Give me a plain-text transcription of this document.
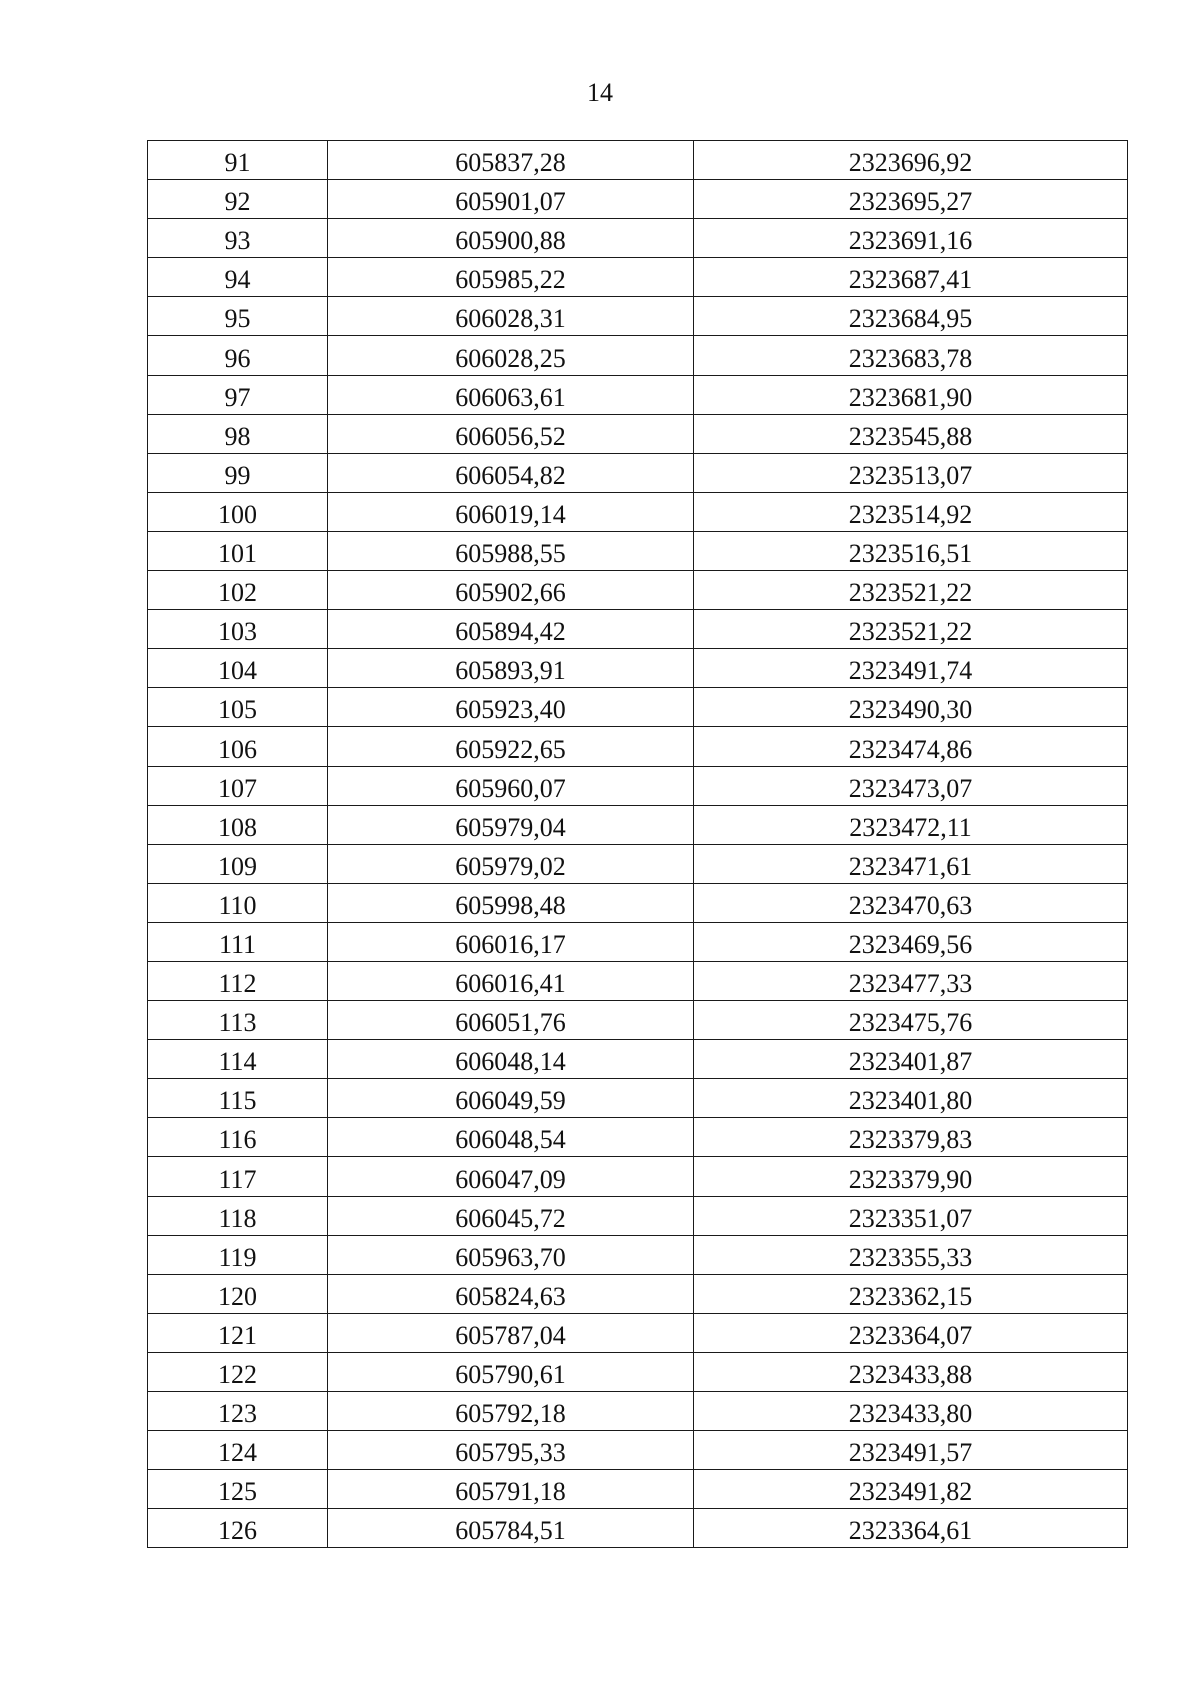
14
91	605837,28	2323696,92
92	605901,07	2323695,27
93	605900,88	2323691,16
94	605985,22	2323687,41
95	606028,31	2323684,95
96	606028,25	2323683,78
97	606063,61	2323681,90
98	606056,52	2323545,88
99	606054,82	2323513,07
100	606019,14	2323514,92
101	605988,55	2323516,51
102	605902,66	2323521,22
103	605894,42	2323521,22
104	605893,91	2323491,74
105	605923,40	2323490,30
106	605922,65	2323474,86
107	605960,07	2323473,07
108	605979,04	2323472,11
109	605979,02	2323471,61
110	605998,48	2323470,63
111	606016,17	2323469,56
112	606016,41	2323477,33
113	606051,76	2323475,76
114	606048,14	2323401,87
115	606049,59	2323401,80
116	606048,54	2323379,83
117	606047,09	2323379,90
118	606045,72	2323351,07
119	605963,70	2323355,33
120	605824,63	2323362,15
121	605787,04	2323364,07
122	605790,61	2323433,88
123	605792,18	2323433,80
124	605795,33	2323491,57
125	605791,18	2323491,82
126	605784,51	2323364,61
